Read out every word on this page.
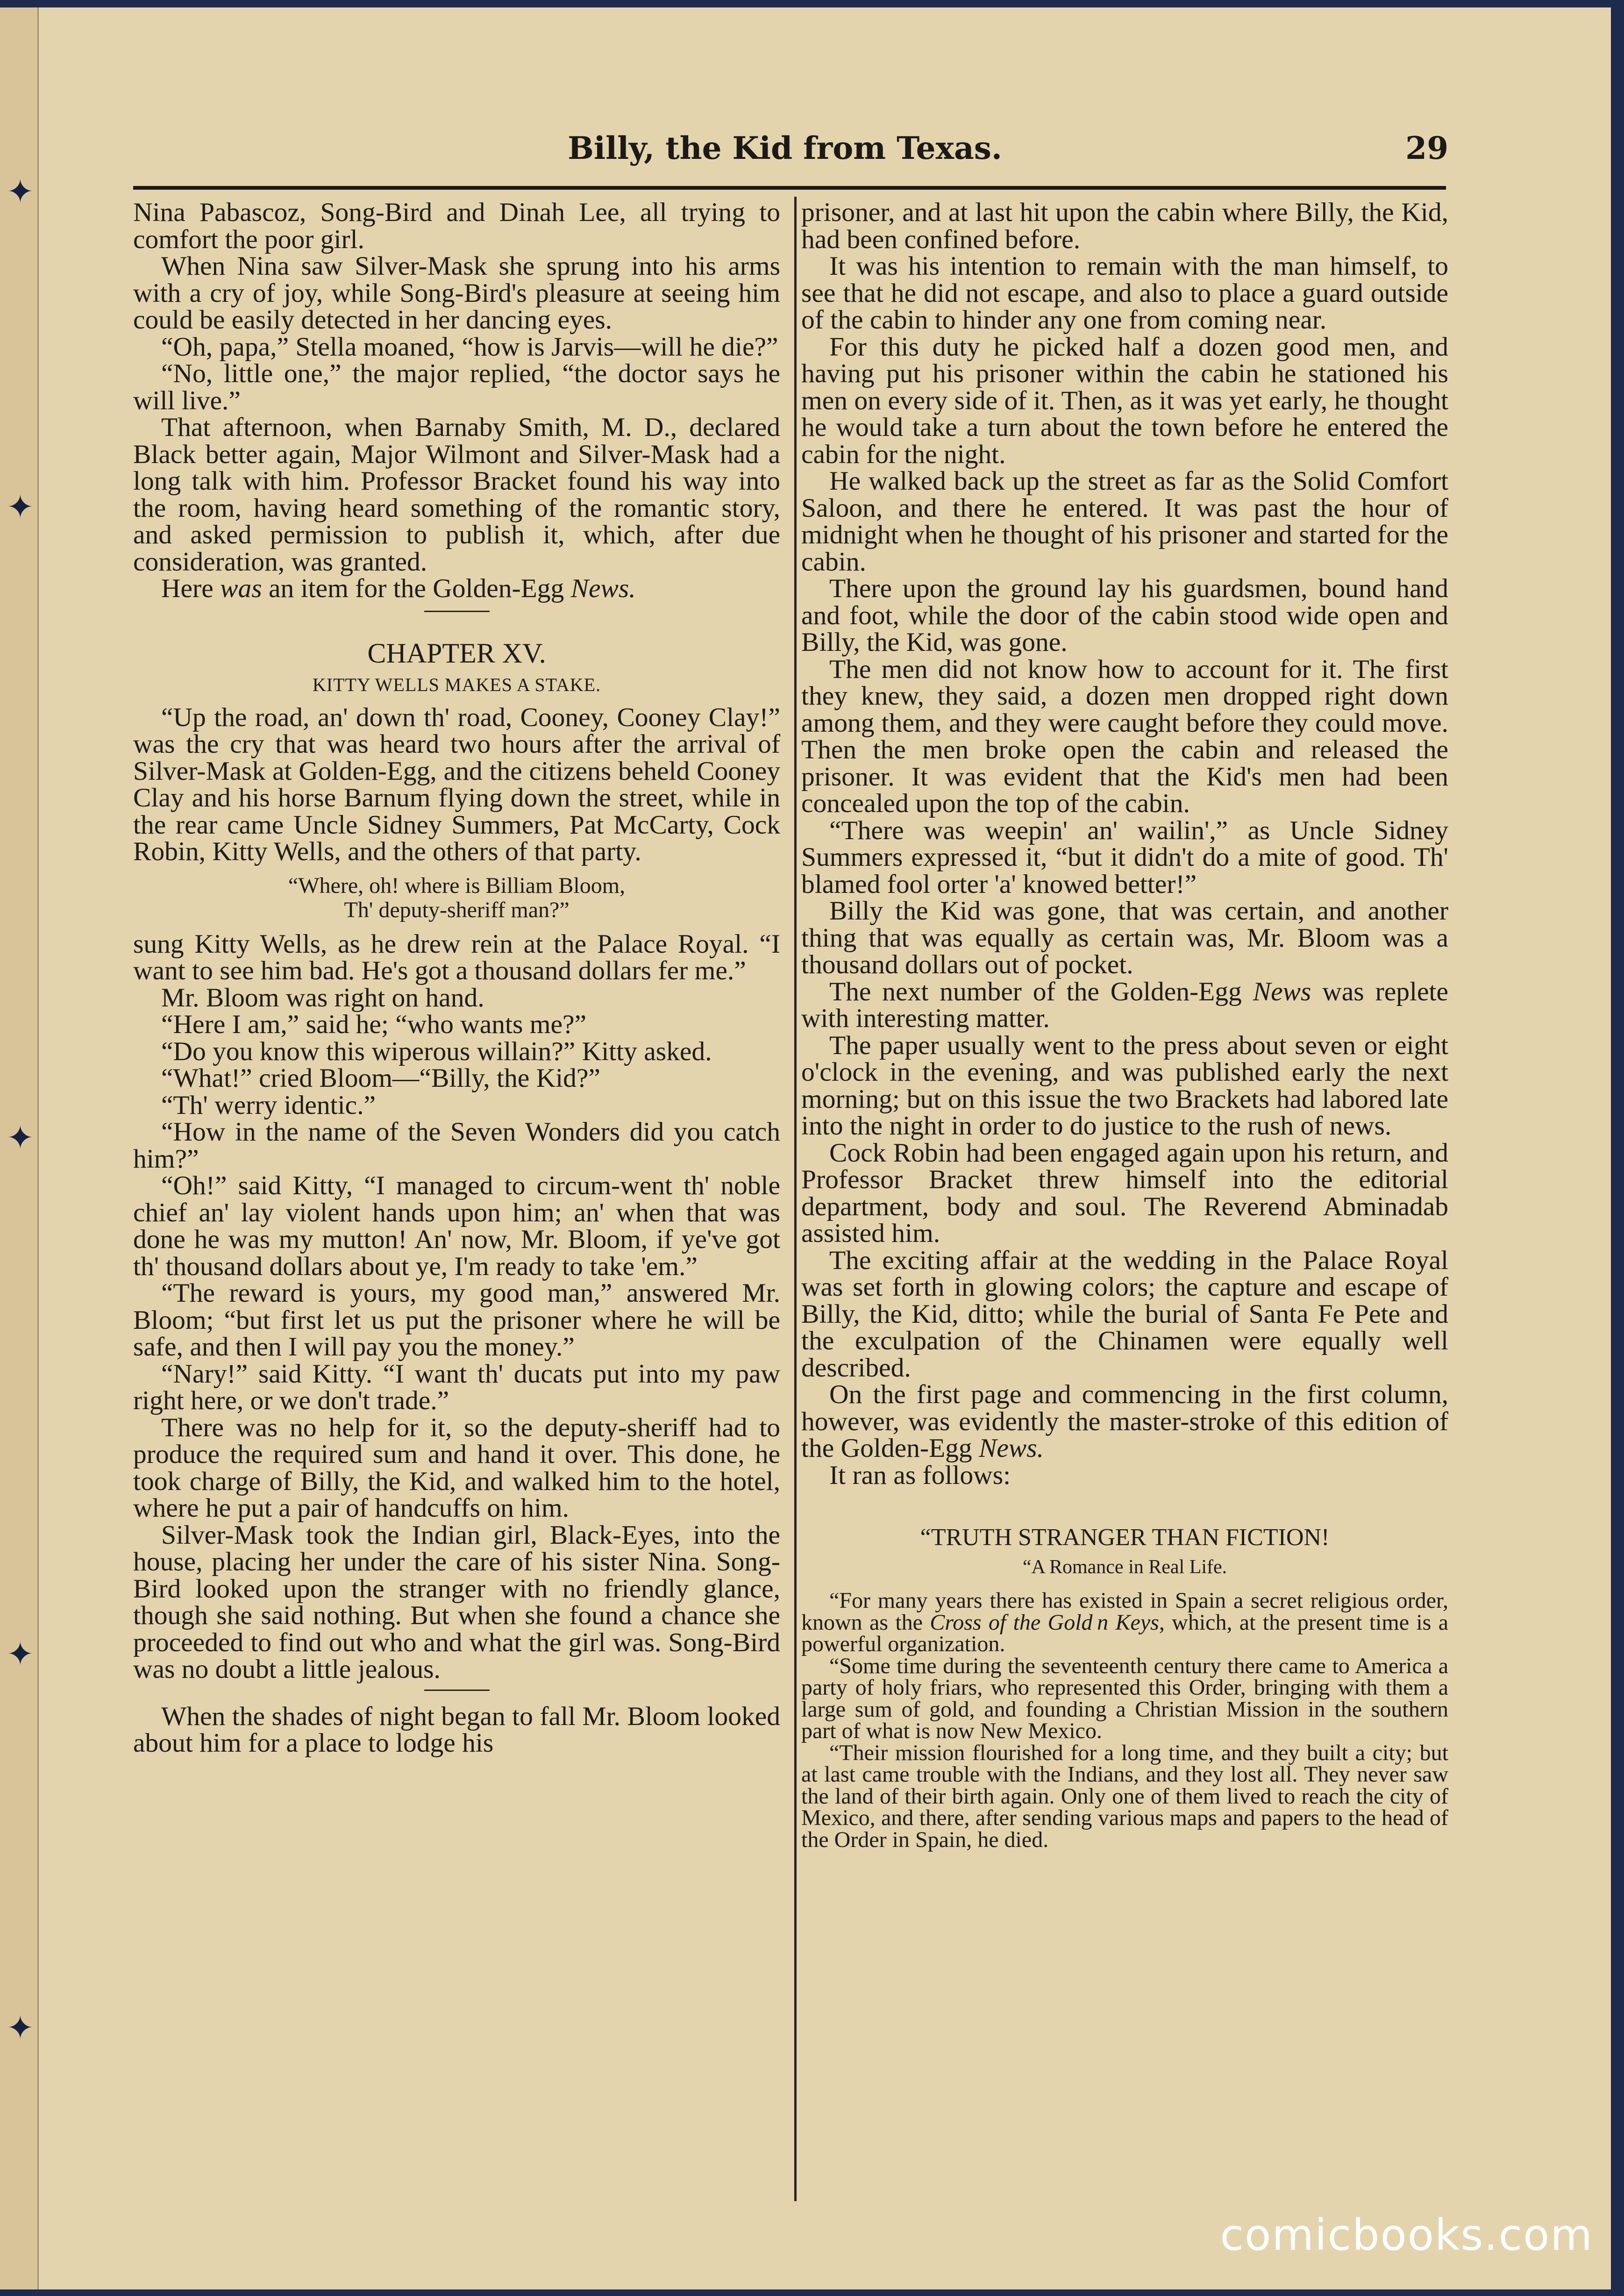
✦
✦
✦
✦
✦
Billy, the Kid from Texas.	29

Nina Pabascoz, Song-Bird and Dinah Lee, all trying to comfort the poor girl.

When Nina saw Silver-Mask she sprung into his arms with a cry of joy, while Song-Bird's pleasure at seeing him could be easily detected in her dancing eyes.

“Oh, papa,” Stella moaned, “how is Jarvis—will he die?”

“No, little one,” the major replied, “the doctor says he will live.”

That afternoon, when Barnaby Smith, M. D., declared Black better again, Major Wilmont and Silver-Mask had a long talk with him. Professor Bracket found his way into the room, having heard something of the romantic story, and asked permission to publish it, which, after due consideration, was granted.

Here was an item for the Golden-Egg News.

CHAPTER XV.
KITTY WELLS MAKES A STAKE.

“Up the road, an' down th' road, Cooney, Cooney Clay!” was the cry that was heard two hours after the arrival of Silver-Mask at Golden-Egg, and the citizens beheld Cooney Clay and his horse Barnum flying down the street, while in the rear came Uncle Sidney Summers, Pat McCarty, Cock Robin, Kitty Wells, and the others of that party.

“Where, oh! where is Billiam Bloom,
Th' deputy-sheriff man?”

sung Kitty Wells, as he drew rein at the Palace Royal. “I want to see him bad. He's got a thousand dollars fer me.”

Mr. Bloom was right on hand.

“Here I am,” said he; “who wants me?”

“Do you know this wiperous willain?” Kitty asked.

“What!” cried Bloom—“Billy, the Kid?”

“Th' werry identic.”

“How in the name of the Seven Wonders did you catch him?”

“Oh!” said Kitty, “I managed to circum-went th' noble chief an' lay violent hands upon him; an' when that was done he was my mutton! An' now, Mr. Bloom, if ye've got th' thousand dollars about ye, I'm ready to take 'em.”

“The reward is yours, my good man,” answered Mr. Bloom; “but first let us put the prisoner where he will be safe, and then I will pay you the money.”

“Nary!” said Kitty. “I want th' ducats put into my paw right here, or we don't trade.”

There was no help for it, so the deputy-sheriff had to produce the required sum and hand it over. This done, he took charge of Billy, the Kid, and walked him to the hotel, where he put a pair of handcuffs on him.

Silver-Mask took the Indian girl, Black-Eyes, into the house, placing her under the care of his sister Nina. Song-Bird looked upon the stranger with no friendly glance, though she said nothing. But when she found a chance she proceeded to find out who and what the girl was. Song-Bird was no doubt a little jealous.

When the shades of night began to fall Mr. Bloom looked about him for a place to lodge his

prisoner, and at last hit upon the cabin where Billy, the Kid, had been confined before.

It was his intention to remain with the man himself, to see that he did not escape, and also to place a guard outside of the cabin to hinder any one from coming near.

For this duty he picked half a dozen good men, and having put his prisoner within the cabin he stationed his men on every side of it. Then, as it was yet early, he thought he would take a turn about the town before he entered the cabin for the night.

He walked back up the street as far as the Solid Comfort Saloon, and there he entered. It was past the hour of midnight when he thought of his prisoner and started for the cabin.

There upon the ground lay his guardsmen, bound hand and foot, while the door of the cabin stood wide open and Billy, the Kid, was gone.

The men did not know how to account for it. The first they knew, they said, a dozen men dropped right down among them, and they were caught before they could move. Then the men broke open the cabin and released the prisoner. It was evident that the Kid's men had been concealed upon the top of the cabin.

“There was weepin' an' wailin',” as Uncle Sidney Summers expressed it, “but it didn't do a mite of good. Th' blamed fool orter 'a' knowed better!”

Billy the Kid was gone, that was certain, and another thing that was equally as certain was, Mr. Bloom was a thousand dollars out of pocket.

The next number of the Golden-Egg News was replete with interesting matter.

The paper usually went to the press about seven or eight o'clock in the evening, and was published early the next morning; but on this issue the two Brackets had labored late into the night in order to do justice to the rush of news.

Cock Robin had been engaged again upon his return, and Professor Bracket threw himself into the editorial department, body and soul. The Reverend Abminadab assisted him.

The exciting affair at the wedding in the Palace Royal was set forth in glowing colors; the capture and escape of Billy, the Kid, ditto; while the burial of Santa Fe Pete and the exculpation of the Chinamen were equally well described.

On the first page and commencing in the first column, however, was evidently the master-stroke of this edition of the Golden-Egg News.

It ran as follows:

“TRUTH STRANGER THAN FICTION!
“A Romance in Real Life.

“For many years there has existed in Spain a secret religious order, known as the Cross of the Gold n Keys, which, at the present time is a powerful organization.

“Some time during the seventeenth century there came to America a party of holy friars, who represented this Order, bringing with them a large sum of gold, and founding a Christian Mission in the southern part of what is now New Mexico.

“Their mission flourished for a long time, and they built a city; but at last came trouble with the Indians, and they lost all. They never saw the land of their birth again. Only one of them lived to reach the city of Mexico, and there, after sending various maps and papers to the head of the Order in Spain, he died.

comicbooks.com
